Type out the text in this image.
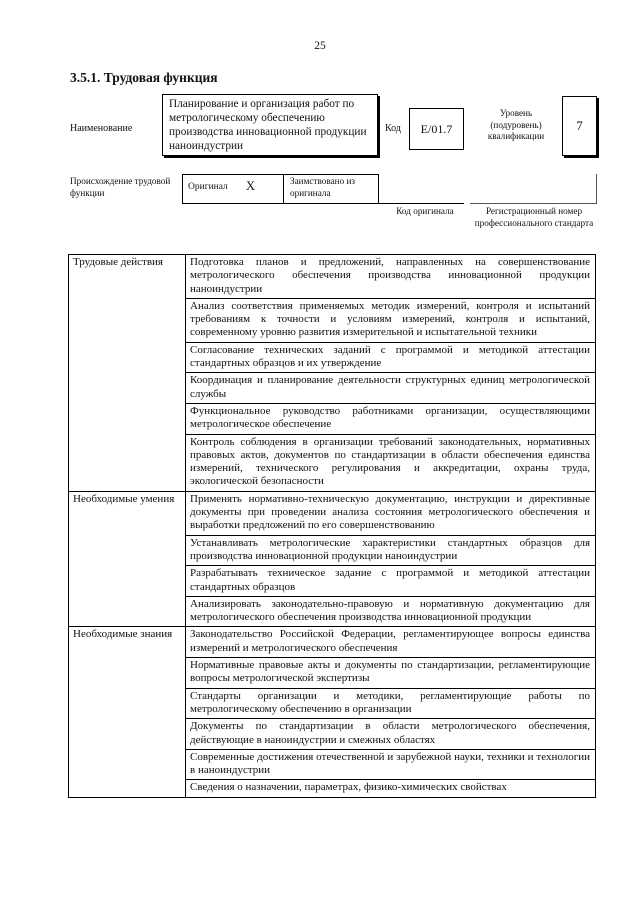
25
3.5.1. Трудовая функция
Наименование
Планирование и организация работ по метрологическому обеспечению производства инновационной продукции наноиндустрии
Код	E/01.7
Уровень (подуровень) квалификации
7
Происхождение трудовой функции
Оригинал X	Заимствовано из оригинала
Код оригинала	Регистрационный номер профессионального стандарта
Трудовые действия	Подготовка планов и предложений, направленных на совершенствование метрологического обеспечения производства инновационной продукции наноиндустрии
	Анализ соответствия применяемых методик измерений, контроля и испытаний требованиям к точности и условиям измерений, контроля и испытаний, современному уровню развития измерительной и испытательной техники
	Согласование технических заданий с программой и методикой аттестации стандартных образцов и их утверждение
	Координация и планирование деятельности структурных единиц метрологической службы
	Функциональное руководство работниками организации, осуществляющими метрологическое обеспечение
	Контроль соблюдения в организации требований законодательных, нормативных правовых актов, документов по стандартизации в области обеспечения единства измерений, технического регулирования и аккредитации, охраны труда, экологической безопасности
Необходимые умения	Применять нормативно-техническую документацию, инструкции и директивные документы при проведении анализа состояния метрологического обеспечения и выработки предложений по его совершенствованию
	Устанавливать метрологические характеристики стандартных образцов для производства инновационной продукции наноиндустрии
	Разрабатывать техническое задание с программой и методикой аттестации стандартных образцов
	Анализировать законодательно-правовую и нормативную документацию для метрологического обеспечения производства инновационной продукции
Необходимые знания	Законодательство Российской Федерации, регламентирующее вопросы единства измерений и метрологического обеспечения
	Нормативные правовые акты и документы по стандартизации, регламентирующие вопросы метрологической экспертизы
	Стандарты организации и методики, регламентирующие работы по метрологическому обеспечению в организации
	Документы по стандартизации в области метрологического обеспечения, действующие в наноиндустрии и смежных областях
	Современные достижения отечественной и зарубежной науки, техники и технологии в наноиндустрии
	Сведения о назначении, параметрах, физико-химических свойствах
